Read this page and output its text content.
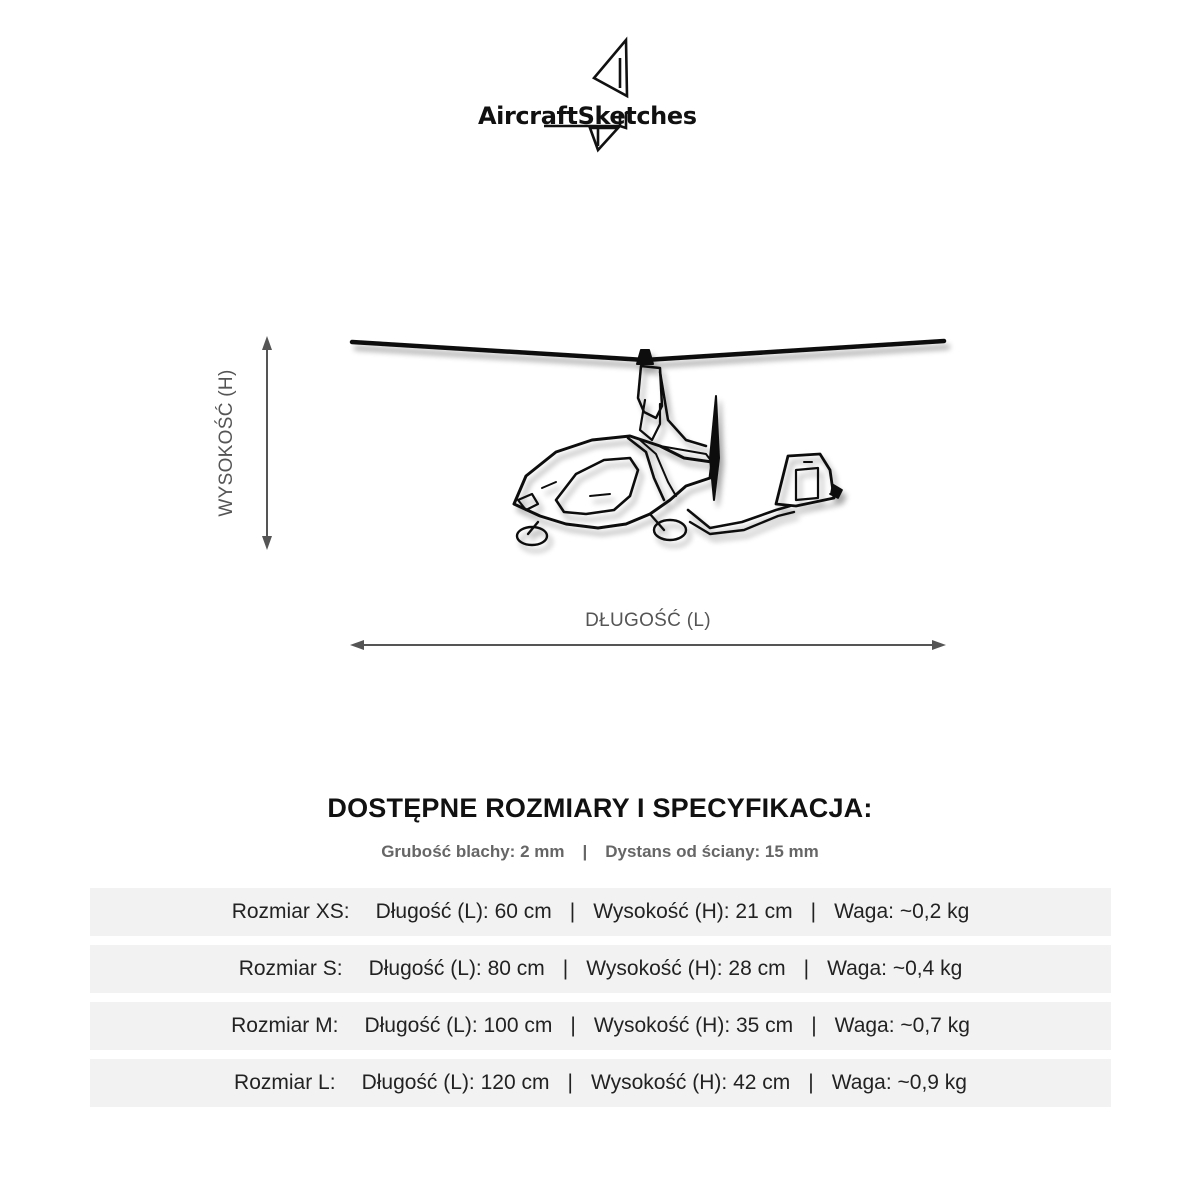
AircraftSketches
DŁUGOŚĆ (L)
WYSOKOŚĆ (H)
DOSTĘPNE ROZMIARY I SPECYFIKACJA:
Grubość blachy: 2 mm | Dystans od ściany: 15 mm
Rozmiar XS: Długość (L): 60 cm | Wysokość (H): 21 cm | Waga: ~0,2 kg
Rozmiar S: Długość (L): 80 cm | Wysokość (H): 28 cm | Waga: ~0,4 kg
Rozmiar M: Długość (L): 100 cm | Wysokość (H): 35 cm | Waga: ~0,7 kg
Rozmiar L: Długość (L): 120 cm | Wysokość (H): 42 cm | Waga: ~0,9 kg
